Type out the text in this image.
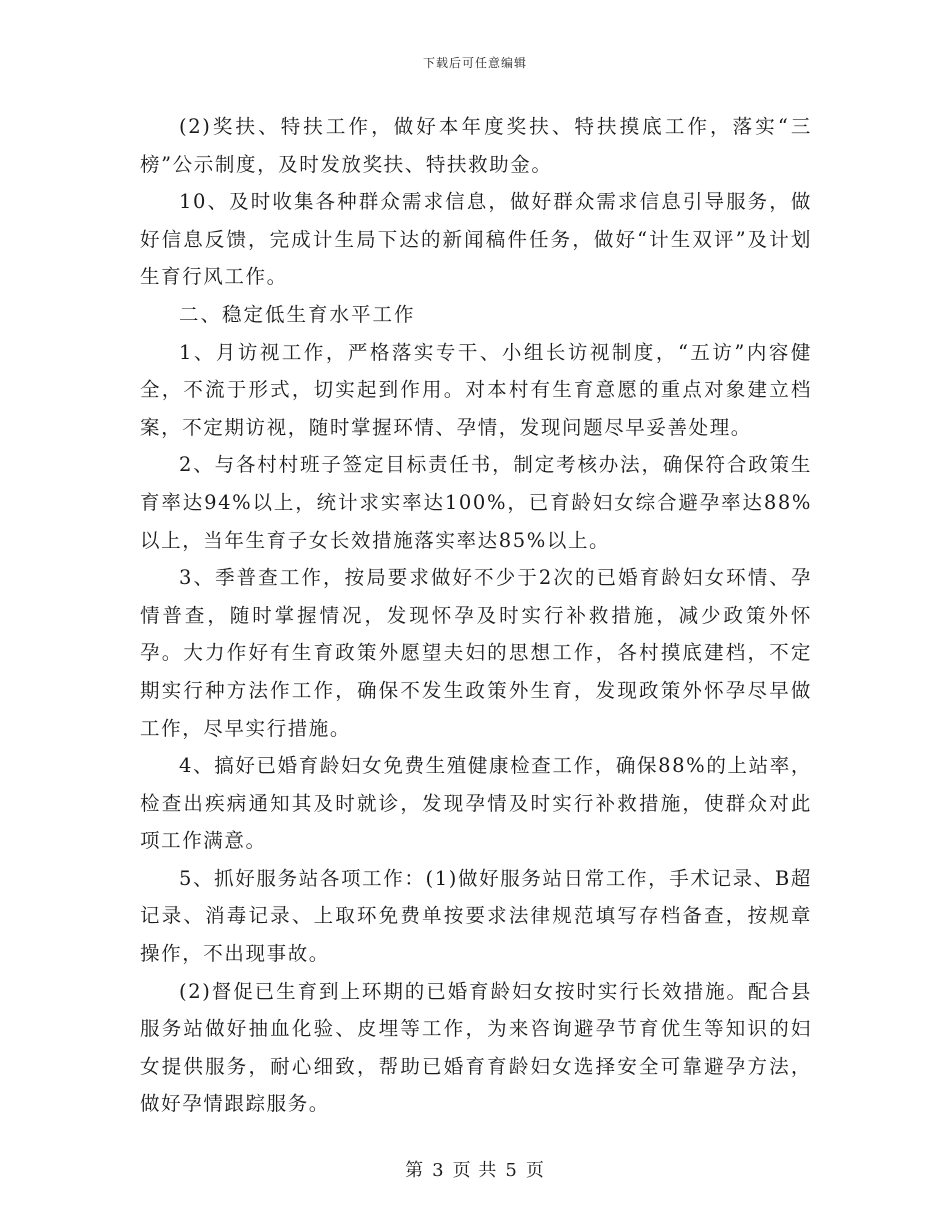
下载后可任意编辑

(2)奖扶、特扶工作，做好本年度奖扶、特扶摸底工作，落实“三榜”公示制度，及时发放奖扶、特扶救助金。

10、及时收集各种群众需求信息，做好群众需求信息引导服务，做好信息反馈，完成计生局下达的新闻稿件任务，做好“计生双评”及计划生育行风工作。

二、稳定低生育水平工作

1、月访视工作，严格落实专干、小组长访视制度，“五访”内容健全，不流于形式，切实起到作用。对本村有生育意愿的重点对象建立档案，不定期访视，随时掌握环情、孕情，发现问题尽早妥善处理。

2、与各村村班子签定目标责任书，制定考核办法，确保符合政策生育率达94%以上，统计求实率达100%，已育龄妇女综合避孕率达88%以上，当年生育子女长效措施落实率达85%以上。

3、季普查工作，按局要求做好不少于2次的已婚育龄妇女环情、孕情普查，随时掌握情况，发现怀孕及时实行补救措施，减少政策外怀孕。大力作好有生育政策外愿望夫妇的思想工作，各村摸底建档，不定期实行种方法作工作，确保不发生政策外生育，发现政策外怀孕尽早做工作，尽早实行措施。

4、搞好已婚育龄妇女免费生殖健康检查工作，确保88%的上站率，检查出疾病通知其及时就诊，发现孕情及时实行补救措施，使群众对此项工作满意。

5、抓好服务站各项工作：(1)做好服务站日常工作，手术记录、B超记录、消毒记录、上取环免费单按要求法律规范填写存档备查，按规章操作，不出现事故。

(2)督促已生育到上环期的已婚育龄妇女按时实行长效措施。配合县服务站做好抽血化验、皮埋等工作，为来咨询避孕节育优生等知识的妇女提供服务，耐心细致，帮助已婚育育龄妇女选择安全可靠避孕方法，做好孕情跟踪服务。

第 3 页 共 5 页
